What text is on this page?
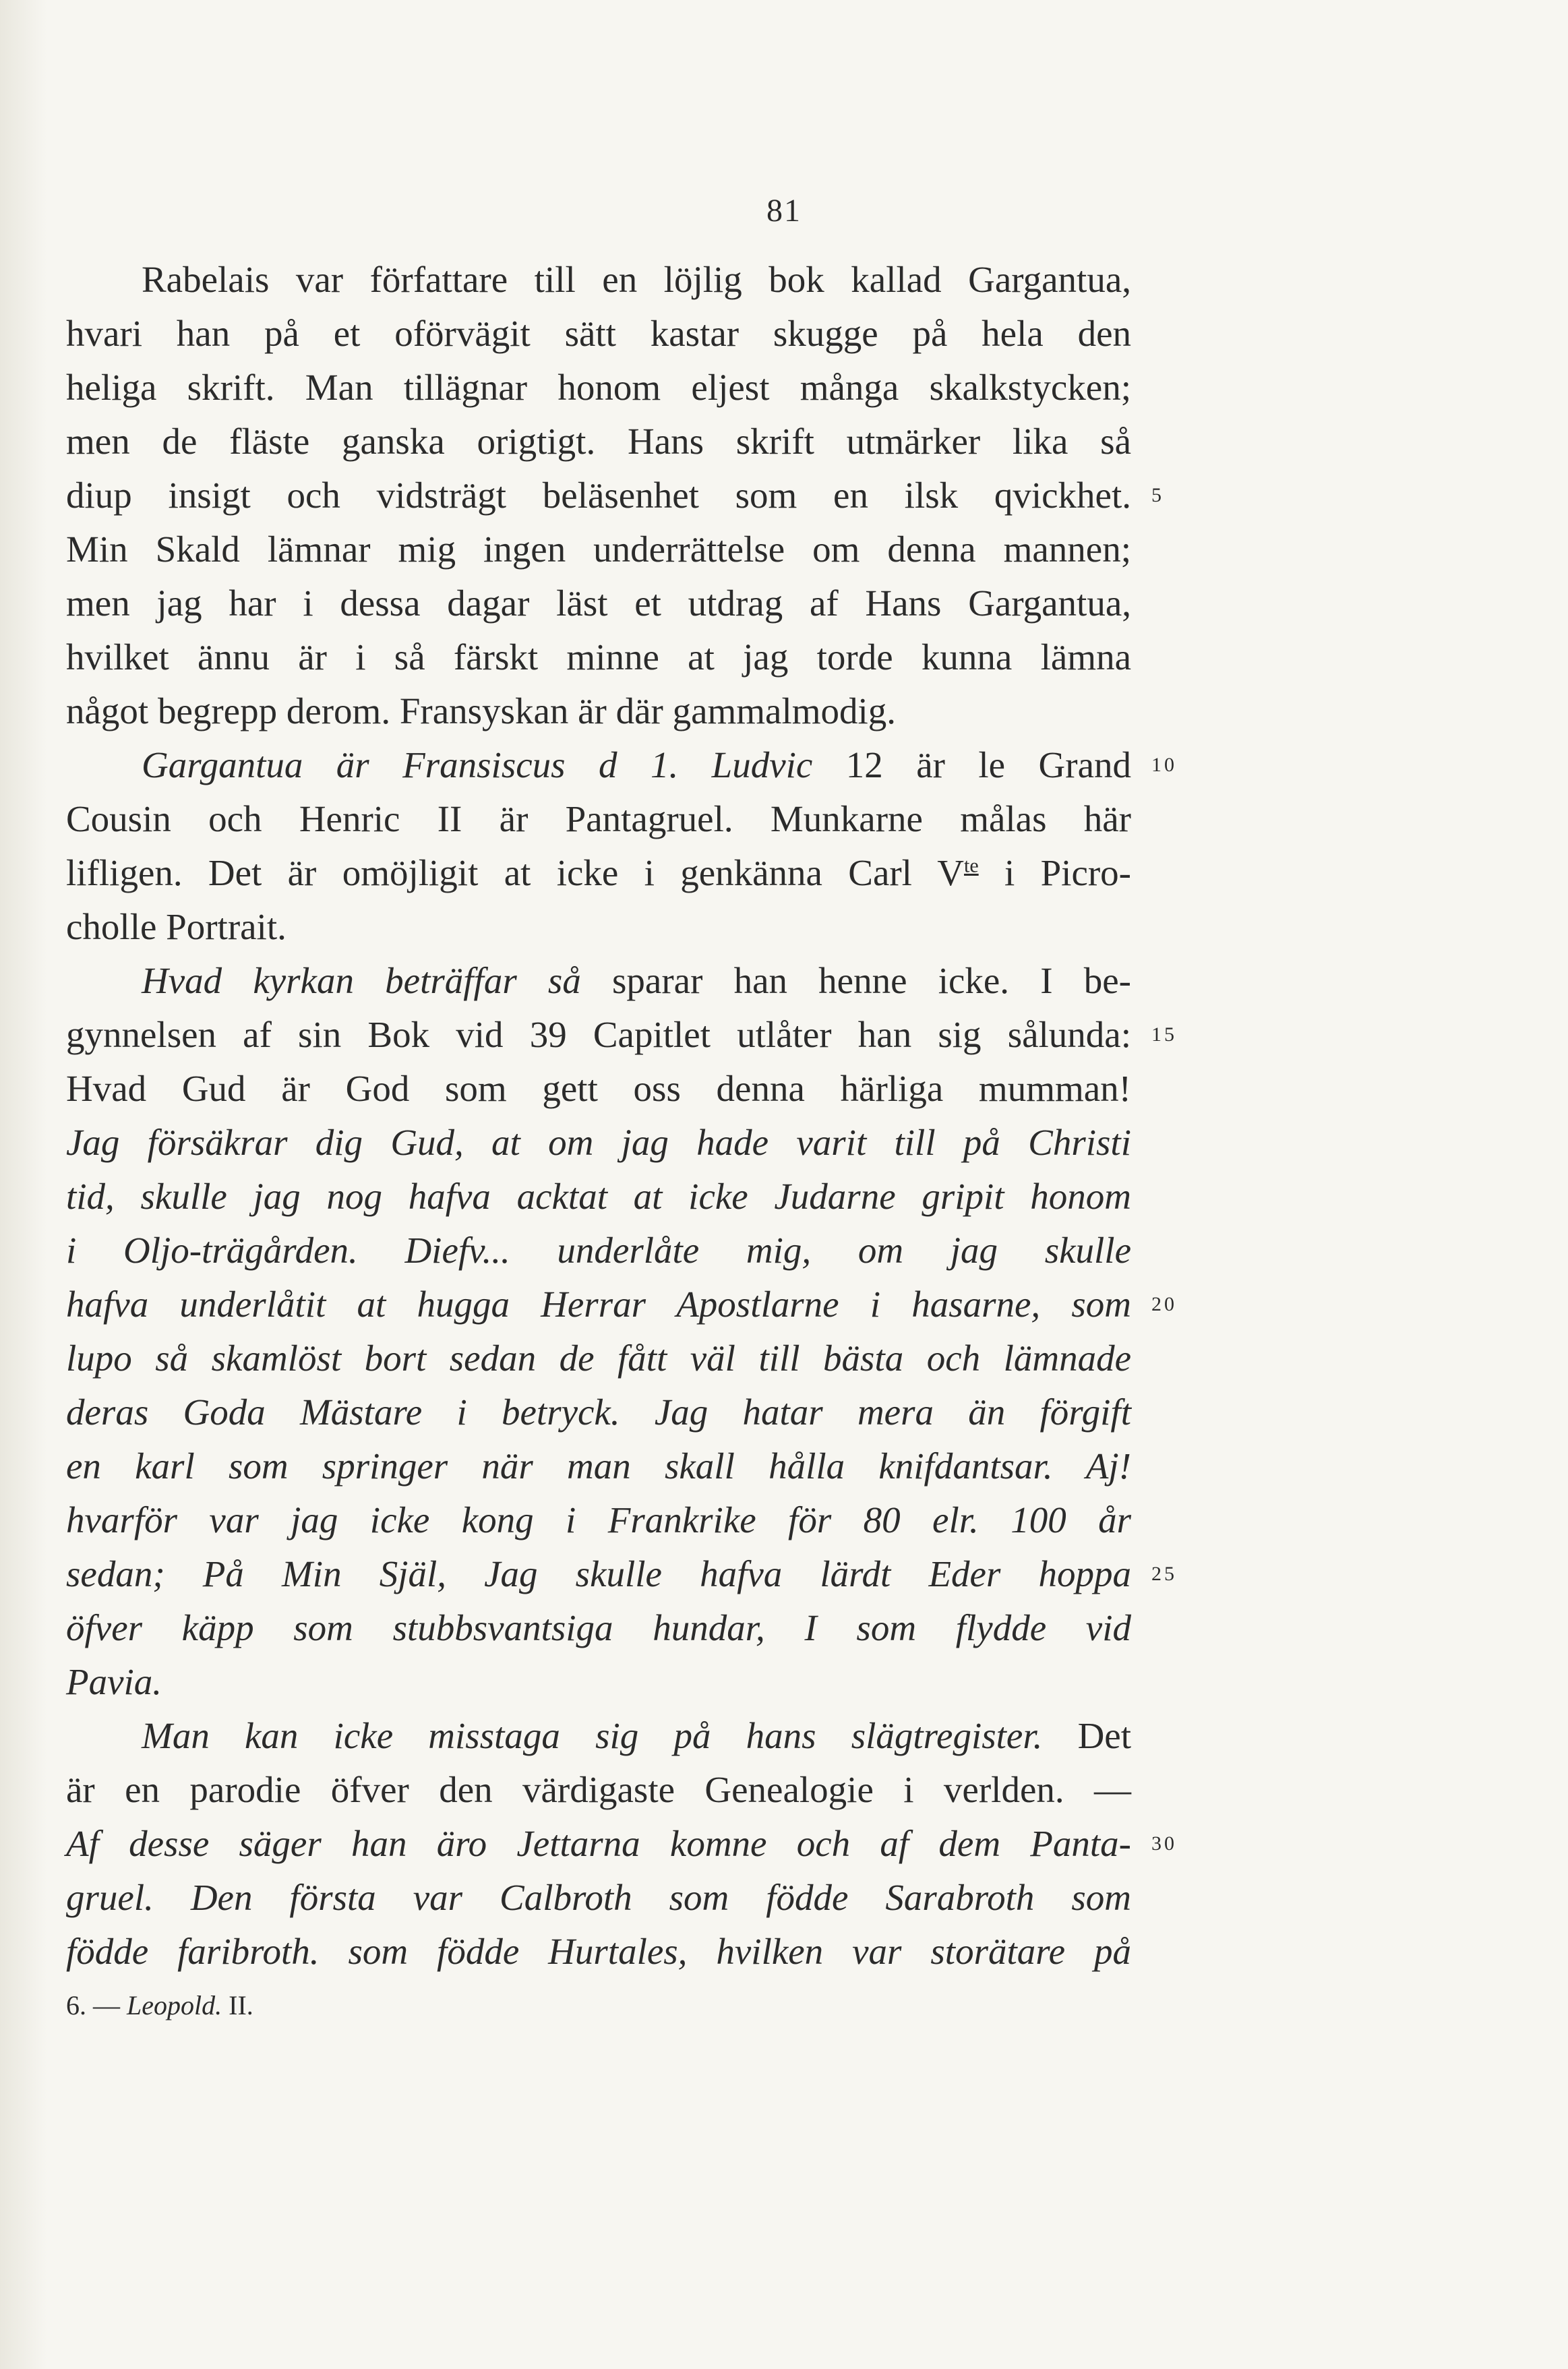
81
Rabelais var författare till en löjlig bok kallad Gargantua,
hvari han på et oförvägit sätt kastar skugge på hela den
heliga skrift. Man tillägnar honom eljest många skalkstycken;
men de fläste ganska origtigt. Hans skrift utmärker lika så
diup insigt och vidsträgt beläsenhet som en ilsk qvickhet. 5
Min Skald lämnar mig ingen underrättelse om denna mannen;
men jag har i dessa dagar läst et utdrag af Hans Gargantua,
hvilket ännu är i så färskt minne at jag torde kunna lämna
något begrepp derom. Fransyskan är där gammalmodig.
Gargantua är Fransiscus d 1. Ludvic 12 är le Grand 10
Cousin och Henric II är Pantagruel. Munkarne målas här
lifligen. Det är omöjligit at icke i genkänna Carl $V^{te}$ i Picro-
cholle Portrait.
Hvad kyrkan beträffar så sparar han henne icke. I be-
gynnelsen af sin Bok vid 39 Capitlet utlåter han sig sålunda: 15
Hvad Gud är God som gett oss denna härliga mumman!
Jag försäkrar dig Gud, at om jag hade varit till på Christi
tid, skulle jag nog hafva acktat at icke Judarne gripit honom
i Oljo-trägården. Diefv... underlåte mig, om jag skulle
hafva underlåtit at hugga Herrar Apostlarne i hasarne, som 20
lupo så skamlöst bort sedan de fått väl till bästa och lämnade
deras Goda Mästare i betryck. Jag hatar mera än förgift
en karl som springer när man skall hålla knifdantsar. Aj!
hvarför var jag icke kong i Frankrike för 80 elr. 100 år
sedan; På Min Själ, Jag skulle hafva lärdt Eder hoppa 25
öfver käpp som stubbsvantsiga hundar, I som flydde vid
Pavia.
Man kan icke misstaga sig på hans slägtregister. Det
är en parodie öfver den värdigaste Genealogie i verlden. —
Af desse säger han äro Jettarna komne och af dem Panta- 30
gruel. Den första var Calbroth som födde Sarabroth som
födde faribroth. som födde Hurtales, hvilken var storätare på
6. — Leopold. II.
